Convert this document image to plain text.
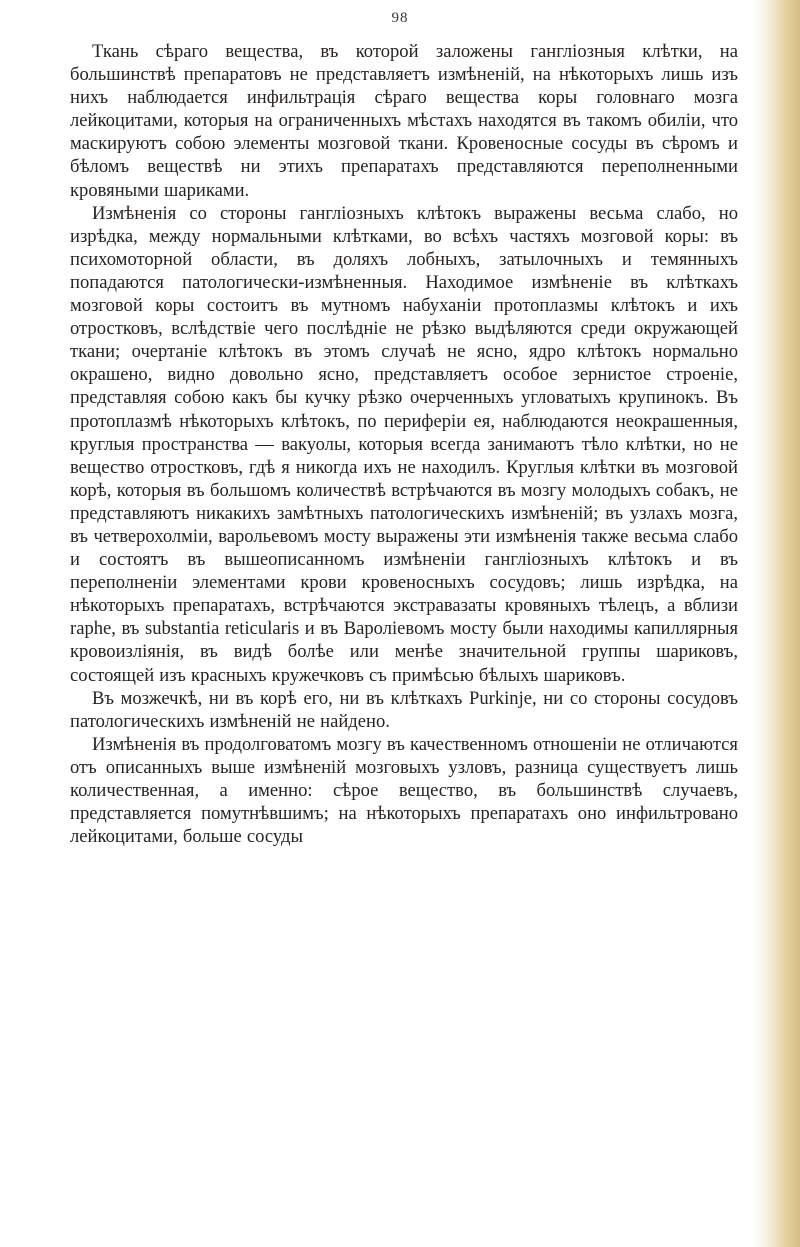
98

Ткань сѣраго вещества, въ которой заложены гангліозныя клѣтки, на большинствѣ препаратовъ не представляетъ измѣненій, на нѣкоторыхъ лишь изъ нихъ наблюдается инфильтрація сѣраго вещества коры головнаго мозга лейкоцитами, которыя на ограниченныхъ мѣстахъ находятся въ такомъ обиліи, что маскируютъ собою элементы мозговой ткани. Кровеносные сосуды въ сѣромъ и бѣломъ веществѣ ни этихъ препаратахъ представляются переполненными кровяными шариками.

Измѣненія со стороны гангліозныхъ клѣтокъ выражены весьма слабо, но изрѣдка, между нормальными клѣтками, во всѣхъ частяхъ мозговой коры: въ психомоторной области, въ доляхъ лобныхъ, затылочныхъ и темянныхъ попадаются патологически-измѣненныя. Находимое измѣненіе въ клѣткахъ мозговой коры состоитъ въ мутномъ набуханіи протоплазмы клѣтокъ и ихъ отростковъ, вслѣдствіе чего послѣдніе не рѣзко выдѣляются среди окружающей ткани; очертаніе клѣтокъ въ этомъ случаѣ не ясно, ядро клѣтокъ нормально окрашено, видно довольно ясно, представляетъ особое зернистое строеніе, представляя собою какъ бы кучку рѣзко очерченныхъ угловатыхъ крупинокъ. Въ протоплазмѣ нѣкоторыхъ клѣтокъ, по периферіи ея, наблюдаются неокрашенныя, круглыя пространства — вакуолы, которыя всегда занимаютъ тѣло клѣтки, но не вещество отростковъ, гдѣ я никогда ихъ не находилъ. Круглыя клѣтки въ мозговой корѣ, которыя въ большомъ количествѣ встрѣчаются въ мозгу молодыхъ собакъ, не представляютъ никакихъ замѣтныхъ патологическихъ измѣненій; въ узлахъ мозга, въ четверохолміи, варольевомъ мосту выражены эти измѣненія также весьма слабо и состоятъ въ вышеописанномъ измѣненіи гангліозныхъ клѣтокъ и въ переполненіи элементами крови кровеносныхъ сосудовъ; лишь изрѣдка, на нѣкоторыхъ препаратахъ, встрѣчаются экстравазаты кровяныхъ тѣлецъ, а вблизи raphe, въ substantia reticularis и въ Варолiевомъ мосту были находимы капиллярныя кровоизліянія, въ видѣ болѣе или менѣе значительной группы шариковъ, состоящей изъ красныхъ кружечковъ съ примѣсью бѣлыхъ шариковъ.

Въ мозжечкѣ, ни въ корѣ его, ни въ клѣткахъ Purkinje, ни со стороны сосудовъ патологическихъ измѣненій не найдено.

Измѣненія въ продолговатомъ мозгу въ качественномъ отношеніи не отличаются отъ описанныхъ выше измѣненій мозговыхъ узловъ, разница существуетъ лишь количественная, а именно: сѣрое вещество, въ большинствѣ случаевъ, представляется помутнѣвшимъ; на нѣкоторыхъ препаратахъ оно инфильтровано лейкоцитами, больше сосуды
